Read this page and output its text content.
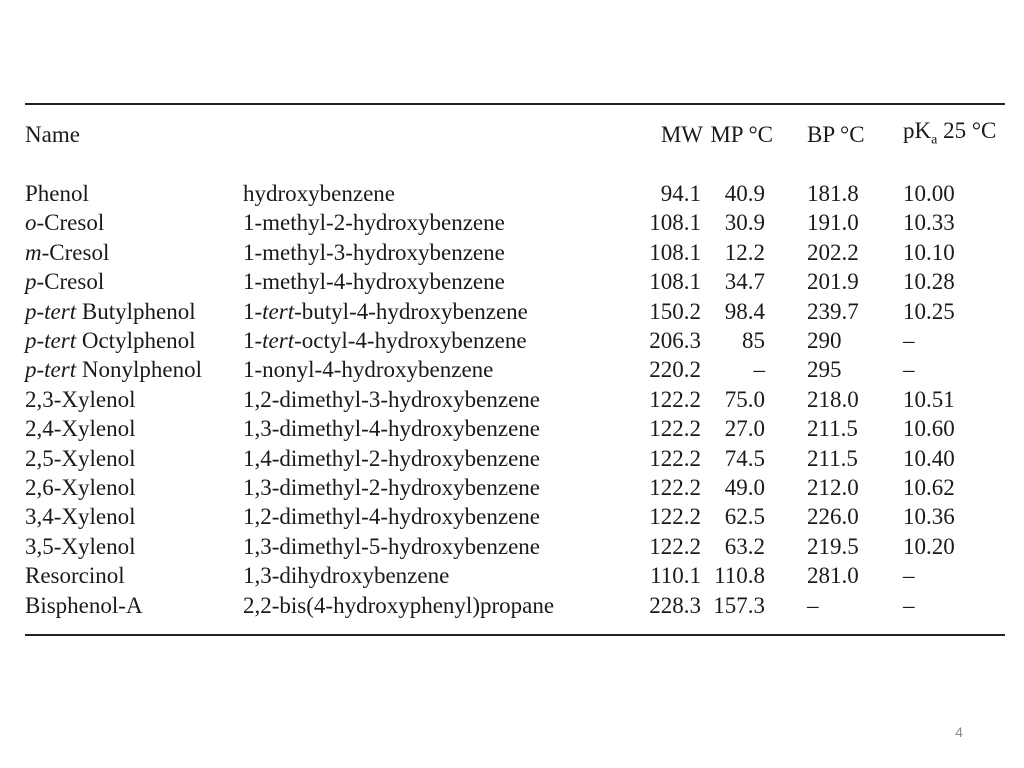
Name		MW	MP °C	BP °C	$pK_a$ 25 °C
Phenol	hydroxybenzene	94.1	40.9	181.8	10.00
o-Cresol	1-methyl-2-hydroxybenzene	108.1	30.9	191.0	10.33
m-Cresol	1-methyl-3-hydroxybenzene	108.1	12.2	202.2	10.10
p-Cresol	1-methyl-4-hydroxybenzene	108.1	34.7	201.9	10.28
p-tert Butylphenol	1-tert-butyl-4-hydroxybenzene	150.2	98.4	239.7	10.25
p-tert Octylphenol	1-tert-octyl-4-hydroxybenzene	206.3	85	290	–
p-tert Nonylphenol	1-nonyl-4-hydroxybenzene	220.2	–	295	–
2,3-Xylenol	1,2-dimethyl-3-hydroxybenzene	122.2	75.0	218.0	10.51
2,4-Xylenol	1,3-dimethyl-4-hydroxybenzene	122.2	27.0	211.5	10.60
2,5-Xylenol	1,4-dimethyl-2-hydroxybenzene	122.2	74.5	211.5	10.40
2,6-Xylenol	1,3-dimethyl-2-hydroxybenzene	122.2	49.0	212.0	10.62
3,4-Xylenol	1,2-dimethyl-4-hydroxybenzene	122.2	62.5	226.0	10.36
3,5-Xylenol	1,3-dimethyl-5-hydroxybenzene	122.2	63.2	219.5	10.20
Resorcinol	1,3-dihydroxybenzene	110.1	110.8	281.0	–
Bisphenol-A	2,2-bis(4-hydroxyphenyl)propane	228.3	157.3	–	–
4
